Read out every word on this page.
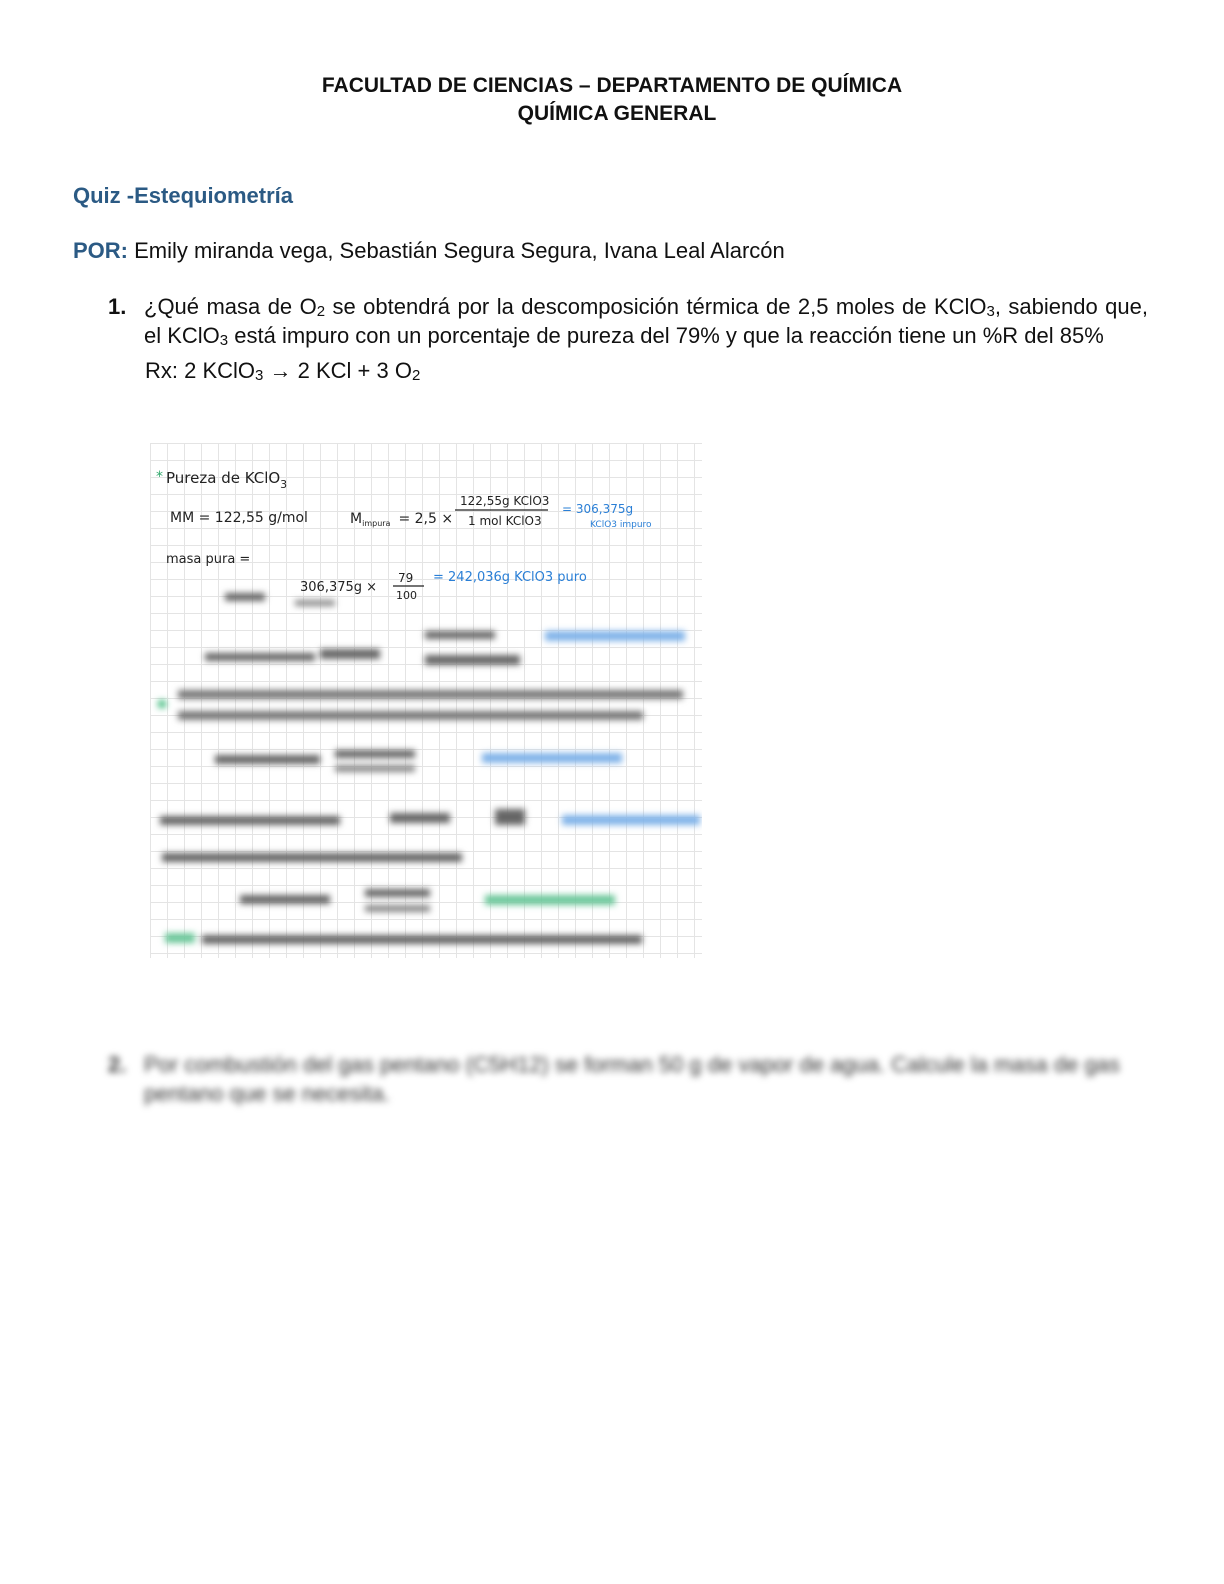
FACULTAD DE CIENCIAS – DEPARTAMENTO DE QUÍMICA
QUÍMICA GENERAL
Quiz -Estequiometría
POR: Emily miranda vega, Sebastián Segura Segura, Ivana Leal Alarcón
1. ¿Qué masa de $O_2$ se obtendrá por la descomposición térmica de 2,5 moles de KClO$_3$, sabiendo que, el KClO$_3$ está impuro con un porcentaje de pureza del 79% y que la reacción tiene un %R del 85%
Rx: 2 KClO$_3$ → 2 KCl + 3 $O_2$
* Pureza de KClO$_3$
MM = 122,55 g/mol	$M_{impura} = 2,5$ ×
122,55g KClO3
1 mol KClO3
= 306,375g
KClO3 impuro
masa pura =
306,375g ×
79
100
= 242,036g KClO3 puro
2. Por combustión del gas pentano (C5H12) se forman 50 g de vapor de agua. Calcule la masa de gas pentano que se necesita.
